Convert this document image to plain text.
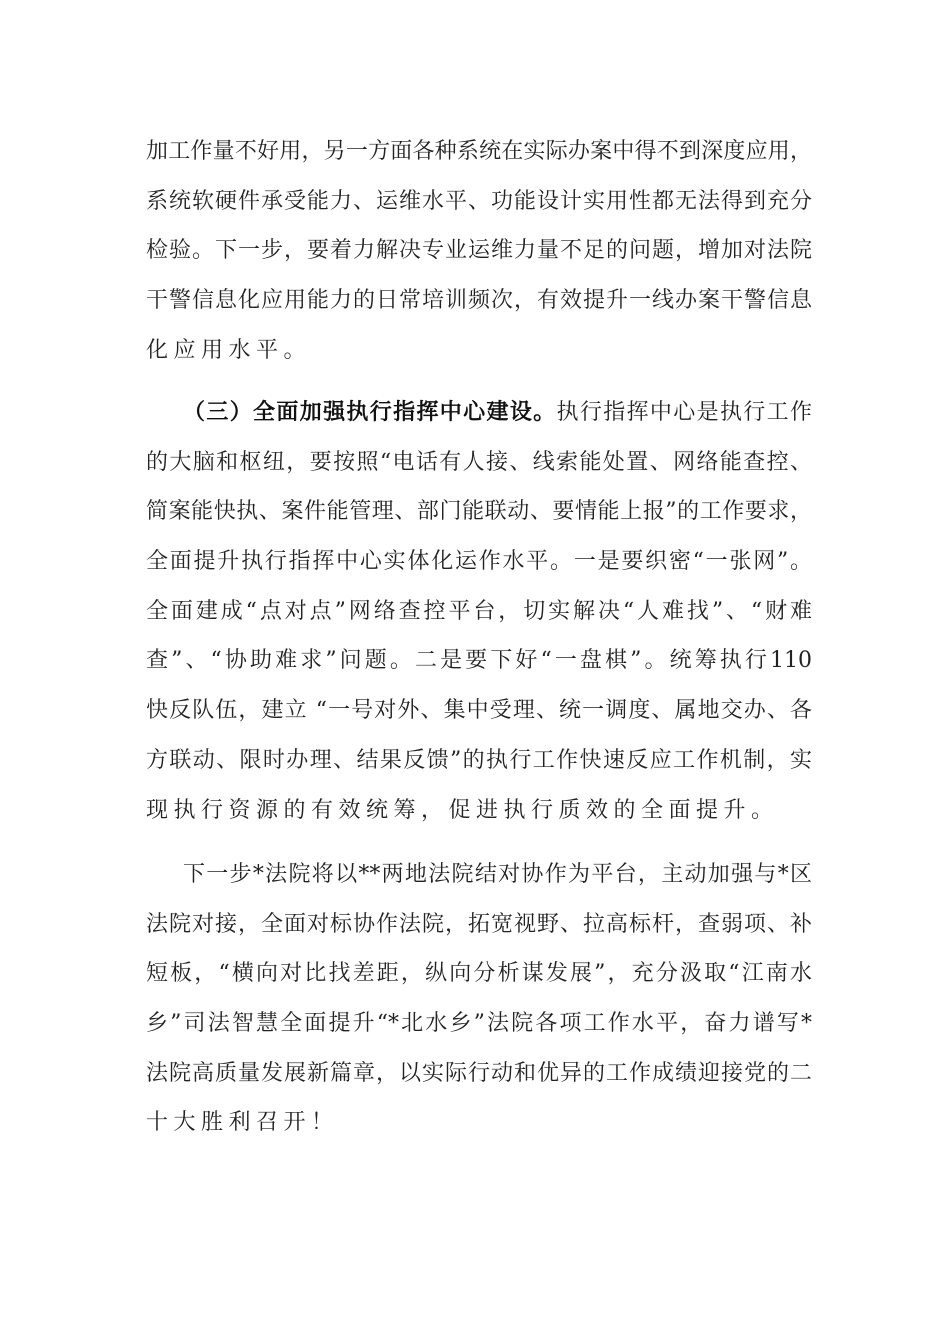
加工作量不好用，另一方面各种系统在实际办案中得不到深度应用，
系统软硬件承受能力、运维水平、功能设计实用性都无法得到充分
检验。下一步，要着力解决专业运维力量不足的问题，增加对法院
干警信息化应用能力的日常培训频次，有效提升一线办案干警信息
化应用水平。
（三）全面加强执行指挥中心建设。执行指挥中心是执行工作
的大脑和枢纽，要按照“电话有人接、线索能处置、网络能查控、
简案能快执、案件能管理、部门能联动、要情能上报”的工作要求，
全面提升执行指挥中心实体化运作水平。一是要织密“一张网”。
全面建成“点对点”网络查控平台，切实解决“人难找”、“财难
查”、“协助难求”问题。二是要下好“一盘棋”。统筹执行110
快反队伍，建立 “一号对外、集中受理、统一调度、属地交办、各
方联动、限时办理、结果反馈”的执行工作快速反应工作机制，实
现执行资源的有效统筹，促进执行质效的全面提升。
下一步*法院将以**两地法院结对协作为平台，主动加强与*区
法院对接，全面对标协作法院，拓宽视野、拉高标杆，查弱项、补
短板，“横向对比找差距，纵向分析谋发展”，充分汲取“江南水
乡”司法智慧全面提升“*北水乡”法院各项工作水平，奋力谱写*
法院高质量发展新篇章，以实际行动和优异的工作成绩迎接党的二
十大胜利召开！
